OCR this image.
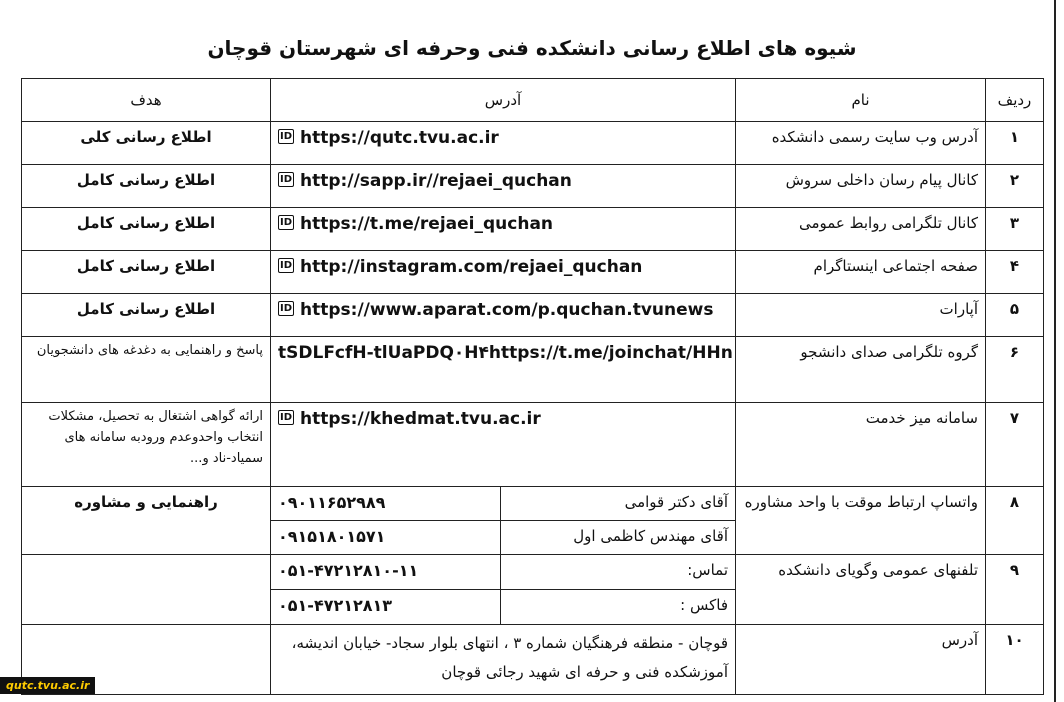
شیوه های اطلاع رسانی دانشکده فنی وحرفه ای شهرستان قوچان
ردیف	نام	آدرس		هدف
۱	آدرس وب سایت رسمی دانشکده	ID https://qutc.tvu.ac.ir		اطلاع رسانی کلی
۲	کانال پیام رسان داخلی سروش	ID http://sapp.ir//rejaei_quchan		اطلاع رسانی کامل
۳	کانال تلگرامی روابط عمومی	ID https://t.me/rejaei_quchan		اطلاع رسانی کامل
۴	صفحه اجتماعی اینستاگرام	ID http://instagram.com/rejaei_quchan		اطلاع رسانی کامل
۵	آپارات	ID https://www.aparat.com/p.quchan.tvunews		اطلاع رسانی کامل
۶	گروه تلگرامی صدای دانشجو	tSDLFcfH-tlUaPDQ۰H۴https://t.me/joinchat/HHn		پاسخ و راهنمایی به دغدغه های دانشجویان
۷	سامانه میز خدمت	ID https://khedmat.tvu.ac.ir		ارائه گواهی اشتغال به تحصیل، مشکلات انتخاب واحدوعدم ورودبه سامانه های سمیاد-ناد و...
۸	واتساپ ارتباط موقت با واحد مشاوره	آقای دکتر قوامی	۰۹۰۱۱۶۵۲۹۸۹	راهنمایی و مشاوره
		آقای مهندس کاظمی اول	۰۹۱۵۱۸۰۱۵۷۱	
۹	تلفنهای عمومی وگویای دانشکده	تماس:	۰۵۱-۴۷۲۱۲۸۱۰-۱۱	
		فاکس :	۰۵۱-۴۷۲۱۲۸۱۳	
۱۰	آدرس	قوچان - منطقه فرهنگیان شماره ۳ ، انتهای بلوار سجاد- خیابان اندیشه، آموزشکده فنی و حرفه ای شهید رجائی قوچان		
qutc.tvu.ac.ir
